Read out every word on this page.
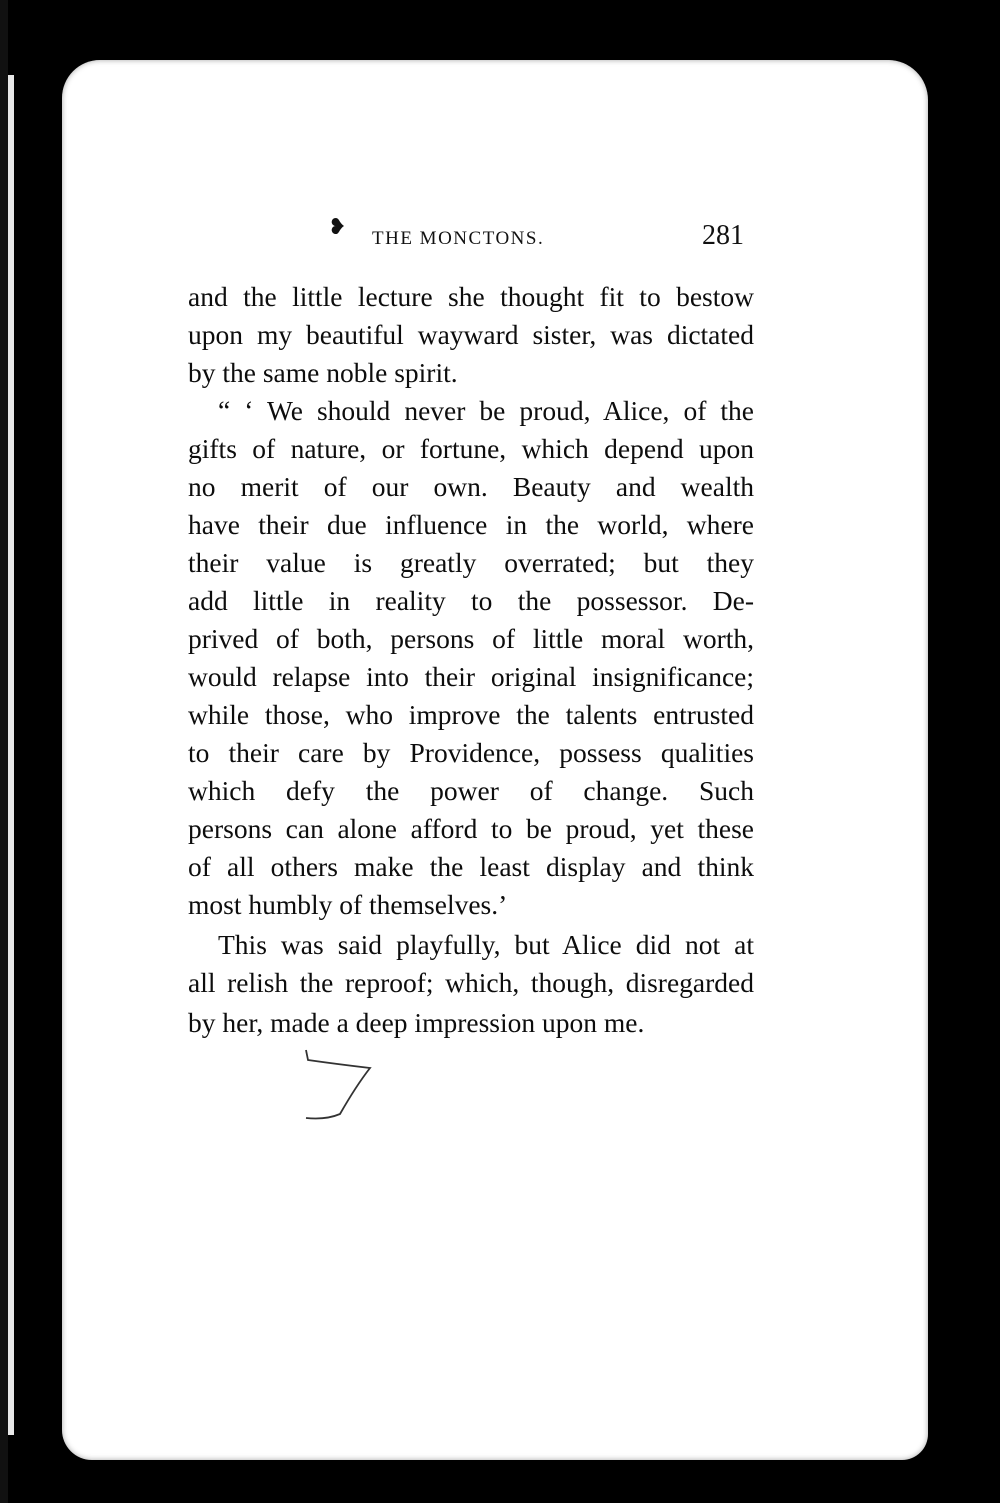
❥ THE MONCTONS.	281
and the little lecture she thought fit to bestow
upon my beautiful wayward sister, was dictated
by the same noble spirit.
“ ‘ We should never be proud, Alice, of the
gifts of nature, or fortune, which depend upon
no merit of our own. Beauty and wealth
have their due influence in the world, where
their value is greatly overrated; but they
add little in reality to the possessor. De-
prived of both, persons of little moral worth,
would relapse into their original insignificance;
while those, who improve the talents entrusted
to their care by Providence, possess qualities
which defy the power of change. Such
persons can alone afford to be proud, yet these
of all others make the least display and think
most humbly of themselves.’
This was said playfully, but Alice did not at
all relish the reproof; which, though, disregarded
by her, made a deep impression upon me.
